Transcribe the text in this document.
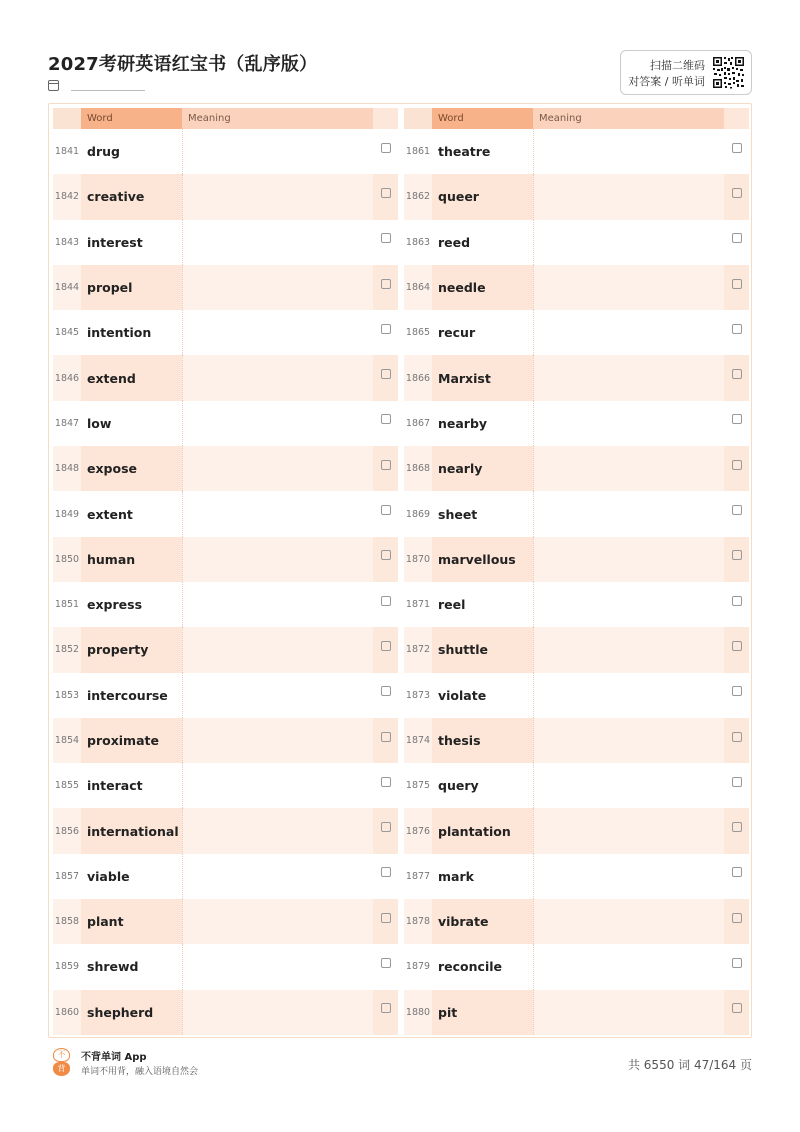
2027考研英语红宝书（乱序版）	扫描二维码
对答案 / 听单词
Word	Meaning
1841 drug
1842 creative
1843 interest
1844 propel
1845 intention
1846 extend
1847 low
1848 expose
1849 extent
1850 human
1851 express
1852 property
1853 intercourse
1854 proximate
1855 interact
1856 international
1857 viable
1858 plant
1859 shrewd
1860 shepherd
Word	Meaning
1861 theatre
1862 queer
1863 reed
1864 needle
1865 recur
1866 Marxist
1867 nearby
1868 nearly
1869 sheet
1870 marvellous
1871 reel
1872 shuttle
1873 violate
1874 thesis
1875 query
1876 plantation
1877 mark
1878 vibrate
1879 reconcile
1880 pit
不
背
不背单词 App
单词不用背，融入语境自然会	共 6550 词 47/164 页
